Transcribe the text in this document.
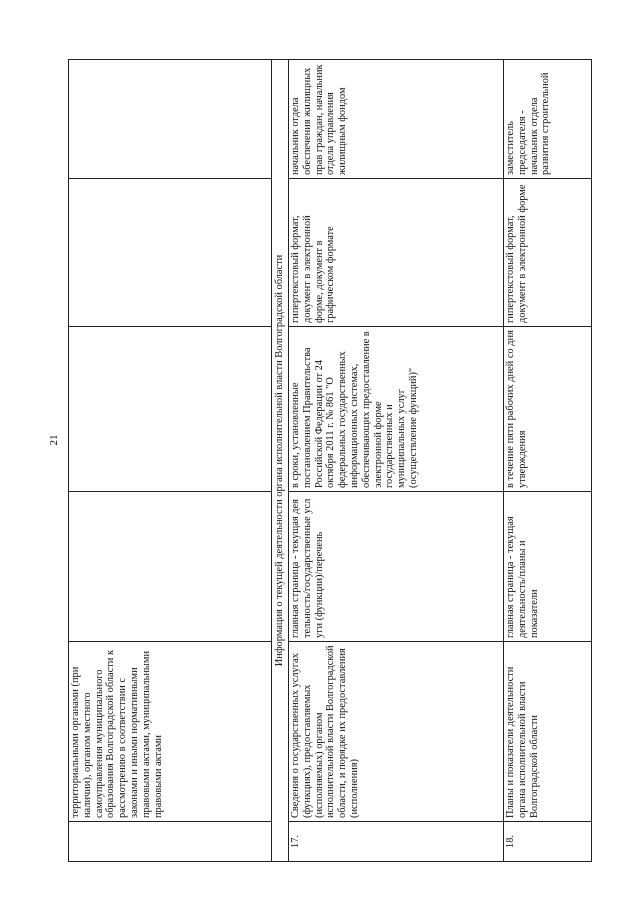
21
	территориальными органами (при наличии), органом местного самоуправления муниципального образования Волгоградской области к рассмотрению в соответствии с законами и иными нормативными правовыми актами, муниципальными правовыми актами				
Информация о текущей деятельности органа исполнительной власти Волгоградской области					
17.	Сведения о государственных услугах (функциях), предоставляемых (исполняемых) органом исполнительной власти Волгоградской области, и порядке их предоставления (исполнения)	главная страница - текущая деятельность/государственные услуги (функции)/перечень	в сроки, установленные постановлением Правительства Российской Федерации от 24 октября 2011 г. № 861 "О федеральных государственных информационных системах, обеспечивающих предоставление в электронной форме государственных и муниципальных услуг (осуществление функций)"	гипертекстовый формат, документ в электронной форме, документ в графическом формате	начальник отдела обеспечения жилищных прав граждан, начальник отдела управления жилищным фондом
18.	Планы и показатели деятельности органа исполнительной власти Волгоградской области	главная страница - текущая деятельность/планы и показатели	в течение пяти рабочих дней со дня утверждения	гипертекстовый формат, документ в электронной форме	заместитель председателя - начальник отдела развития строительной
